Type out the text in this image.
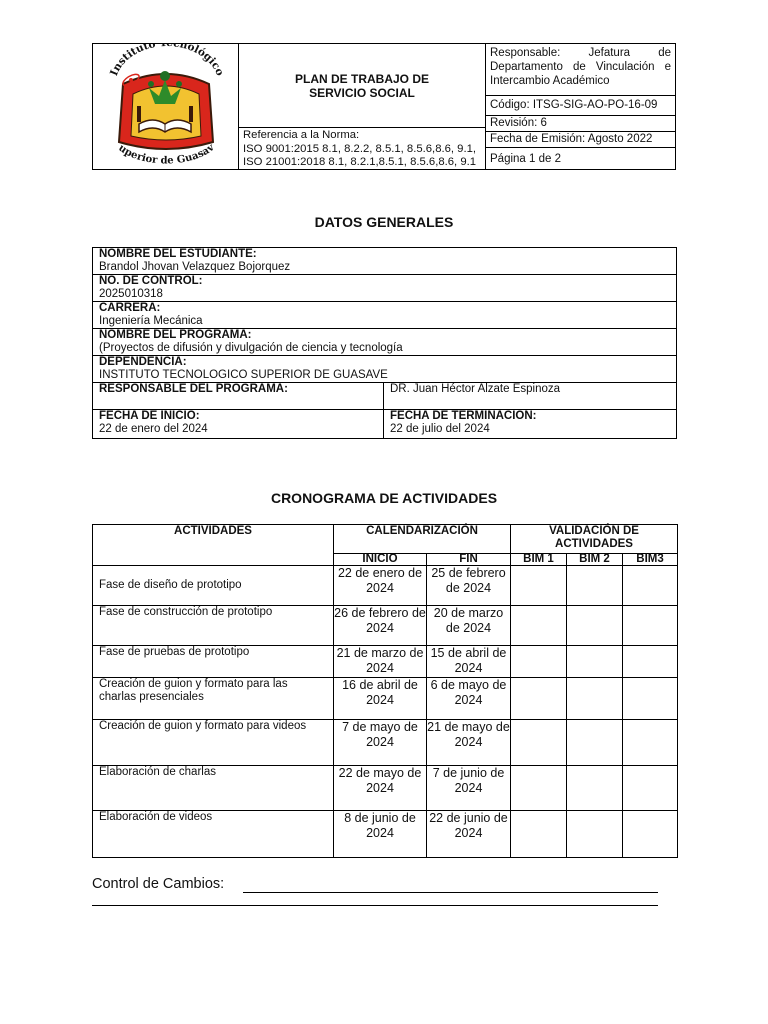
Instituto nológico
uperior de Guasav
PLAN DE TRABAJO DE
SERVICIO SOCIAL
Referencia a la Norma:
ISO 9001:2015 8.1, 8.2.2, 8.5.1, 8.5.6,8.6, 9.1,
ISO 21001:2018 8.1, 8.2.1,8.5.1, 8.5.6,8.6, 9.1
Responsable: Jefatura de Departamento de Vinculación e Intercambio Académico
Código: ITSG-SIG-AO-PO-16-09
Revisión: 6
Fecha de Emisión: Agosto 2022
Página 1 de 2
DATOS GENERALES
NOMBRE DEL ESTUDIANTE:
Brandol Jhovan Velazquez Bojorquez
NO. DE CONTROL:
2025010318
CARRERA:
Ingeniería Mecánica
NOMBRE DEL PROGRAMA:
(Proyectos de difusión y divulgación de ciencia y tecnología
DEPENDENCIA:
INSTITUTO TECNOLOGICO SUPERIOR DE GUASAVE
RESPONSABLE DEL PROGRAMA:	DR. Juan Héctor Alzate Espinoza
FECHA DE INICIO:
22 de enero del 2024
FECHA DE TERMINACION:
22 de julio del 2024
CRONOGRAMA DE ACTIVIDADES
ACTIVIDADES	CALENDARIZACIÓN		VALIDACIÓN DE ACTIVIDADES		
	INICIO	FIN	BIM 1	BIM 2	BIM3
Fase de diseño de prototipo	22 de enero de 2024	25 de febrero de 2024			
Fase de construcción de prototipo	26 de febrero de 2024	20 de marzo de 2024			
Fase de pruebas de prototipo	21 de marzo de 2024	15 de abril de 2024			
Creación de guion y formato para las charlas presenciales	16 de abril de 2024	6 de mayo de 2024			
Creación de guion y formato para videos	7 de mayo de 2024	21 de mayo de 2024			
Elaboración de charlas	22 de mayo de 2024	7 de junio de 2024			
Elaboración de videos	8 de junio de 2024	22 de junio de 2024			
Control de Cambios:
